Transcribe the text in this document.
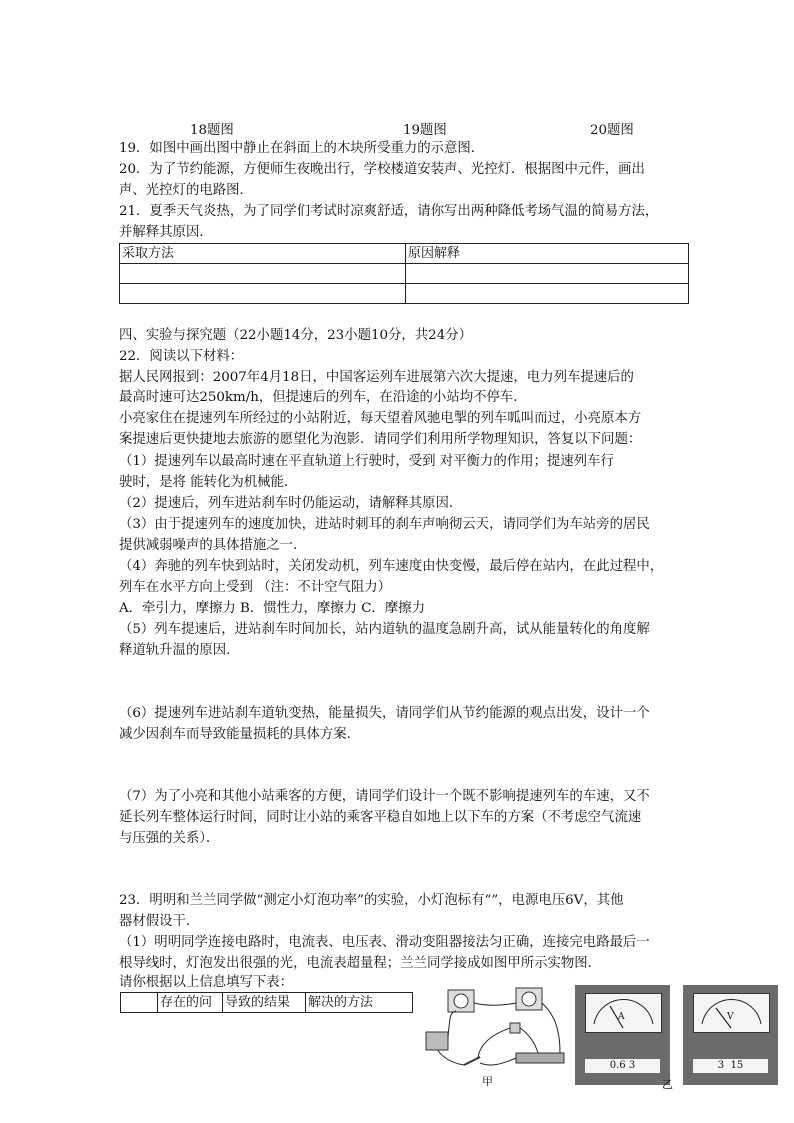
18题图	19题图	20题图
19．如图中画出图中静止在斜面上的木块所受重力的示意图．
20．为了节约能源，方便师生夜晚出行，学校楼道安装声、光控灯．根据图中元件，画出
声、光控灯的电路图．
21．夏季天气炎热，为了同学们考试时凉爽舒适，请你写出两种降低考场气温的简易方法，
并解释其原因．
采取方法	原因解释

四、实验与探究题（22小题14分，23小题10分，共24分）
22．阅读以下材料：
据人民网报到：2007年4月18日，中国客运列车进展第六次大提速，电力列车提速后的
最高时速可达250km/h，但提速后的列车，在沿途的小站均不停车．
小亮家住在提速列车所经过的小站附近，每天望着风驰电掣的列车呱叫而过，小亮原本方
案提速后更快捷地去旅游的愿望化为泡影．请同学们利用所学物理知识，答复以下问题：
（1）提速列车以最高时速在平直轨道上行驶时，受到 对平衡力的作用；提速列车行
驶时，是将 能转化为机械能．
（2）提速后，列车进站刹车时仍能运动，请解释其原因．
（3）由于提速列车的速度加快，进站时刺耳的刹车声响彻云天，请同学们为车站旁的居民
提供减弱噪声的具体措施之一．
（4）奔驰的列车快到站时，关闭发动机，列车速度由快变慢，最后停在站内，在此过程中，
列车在水平方向上受到 （注：不计空气阻力）
A．牵引力，摩擦力 B．惯性力，摩擦力 C．摩擦力
（5）列车提速后，进站刹车时间加长，站内道轨的温度急剧升高，试从能量转化的角度解
释道轨升温的原因．
（6）提速列车进站刹车道轨变热，能量损失，请同学们从节约能源的观点出发，设计一个
减少因刹车而导致能量损耗的具体方案．
（7）为了小亮和其他小站乘客的方便，请同学们设计一个既不影响提速列车的车速，又不
延长列车整体运行时间，同时让小站的乘客平稳自如地上以下车的方案（不考虑空气流速
与压强的关系）．
23．明明和兰兰同学做“测定小灯泡功率”的实验，小灯泡标有“”，电源电压6V，其他
器材假设干．
（1）明明同学连接电路时，电流表、电压表、滑动变阻器接法匀正确，连接完电路最后一
根导线时，灯泡发出很强的光，电流表超量程；兰兰同学接成如图甲所示实物图．
请你根据以上信息填写下表：
	存在的问	导致的结果	解决的方法
甲
A
0.6 3
乙
V
3  15
